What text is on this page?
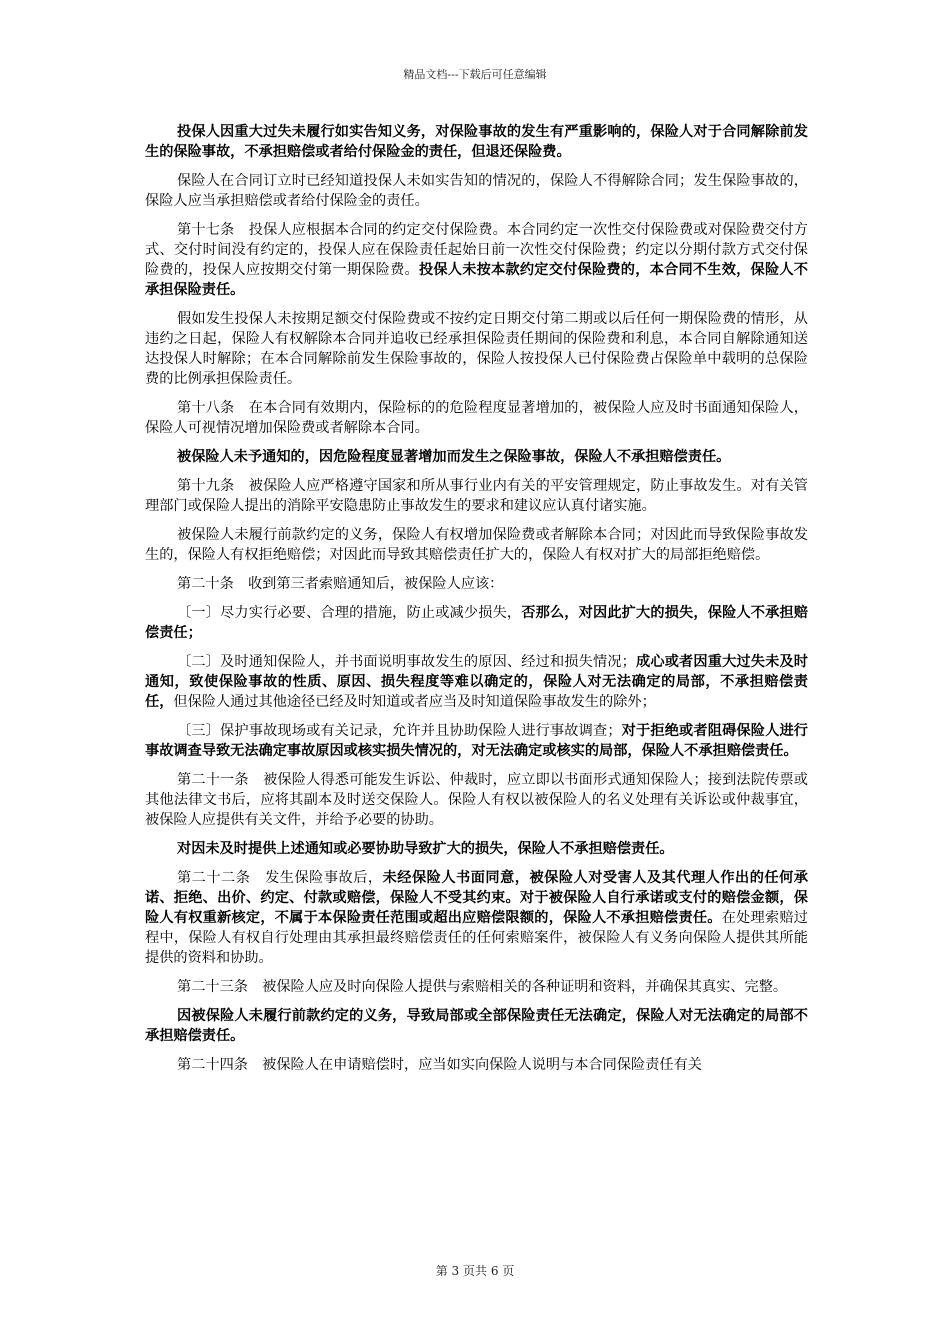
精品文档---下载后可任意编辑

投保人因重大过失未履行如实告知义务，对保险事故的发生有严重影响的，保险人对于合同解除前发生的保险事故，不承担赔偿或者给付保险金的责任，但退还保险费。

保险人在合同订立时已经知道投保人未如实告知的情况的，保险人不得解除合同；发生保险事故的，保险人应当承担赔偿或者给付保险金的责任。

第十七条　投保人应根据本合同的约定交付保险费。本合同约定一次性交付保险费或对保险费交付方式、交付时间没有约定的，投保人应在保险责任起始日前一次性交付保险费；约定以分期付款方式交付保险费的，投保人应按期交付第一期保险费。投保人未按本款约定交付保险费的，本合同不生效，保险人不承担保险责任。

假如发生投保人未按期足额交付保险费或不按约定日期交付第二期或以后任何一期保险费的情形，从违约之日起，保险人有权解除本合同并追收已经承担保险责任期间的保险费和利息，本合同自解除通知送达投保人时解除；在本合同解除前发生保险事故的，保险人按投保人已付保险费占保险单中载明的总保险费的比例承担保险责任。

第十八条　在本合同有效期内，保险标的的危险程度显著增加的，被保险人应及时书面通知保险人，保险人可视情况增加保险费或者解除本合同。

被保险人未予通知的，因危险程度显著增加而发生之保险事故，保险人不承担赔偿责任。

第十九条　被保险人应严格遵守国家和所从事行业内有关的平安管理规定，防止事故发生。对有关管理部门或保险人提出的消除平安隐患防止事故发生的要求和建议应认真付诸实施。

被保险人未履行前款约定的义务，保险人有权增加保险费或者解除本合同；对因此而导致保险事故发生的，保险人有权拒绝赔偿；对因此而导致其赔偿责任扩大的，保险人有权对扩大的局部拒绝赔偿。

第二十条　收到第三者索赔通知后，被保险人应该：

〔一〕尽力实行必要、合理的措施，防止或减少损失，否那么，对因此扩大的损失，保险人不承担赔偿责任；

〔二〕及时通知保险人，并书面说明事故发生的原因、经过和损失情况；成心或者因重大过失未及时通知，致使保险事故的性质、原因、损失程度等难以确定的，保险人对无法确定的局部，不承担赔偿责任，但保险人通过其他途径已经及时知道或者应当及时知道保险事故发生的除外；

〔三〕保护事故现场或有关记录，允许并且协助保险人进行事故调查；对于拒绝或者阻碍保险人进行事故调查导致无法确定事故原因或核实损失情况的，对无法确定或核实的局部，保险人不承担赔偿责任。

第二十一条　被保险人得悉可能发生诉讼、仲裁时，应立即以书面形式通知保险人；接到法院传票或其他法律文书后，应将其副本及时送交保险人。保险人有权以被保险人的名义处理有关诉讼或仲裁事宜，被保险人应提供有关文件，并给予必要的协助。

对因未及时提供上述通知或必要协助导致扩大的损失，保险人不承担赔偿责任。

第二十二条　发生保险事故后，未经保险人书面同意，被保险人对受害人及其代理人作出的任何承诺、拒绝、出价、约定、付款或赔偿，保险人不受其约束。对于被保险人自行承诺或支付的赔偿金额，保险人有权重新核定，不属于本保险责任范围或超出应赔偿限额的，保险人不承担赔偿责任。在处理索赔过程中，保险人有权自行处理由其承担最终赔偿责任的任何索赔案件，被保险人有义务向保险人提供其所能提供的资料和协助。

第二十三条　被保险人应及时向保险人提供与索赔相关的各种证明和资料，并确保其真实、完整。

因被保险人未履行前款约定的义务，导致局部或全部保险责任无法确定，保险人对无法确定的局部不承担赔偿责任。

第二十四条　被保险人在申请赔偿时，应当如实向保险人说明与本合同保险责任有关

第 3 页共 6 页
